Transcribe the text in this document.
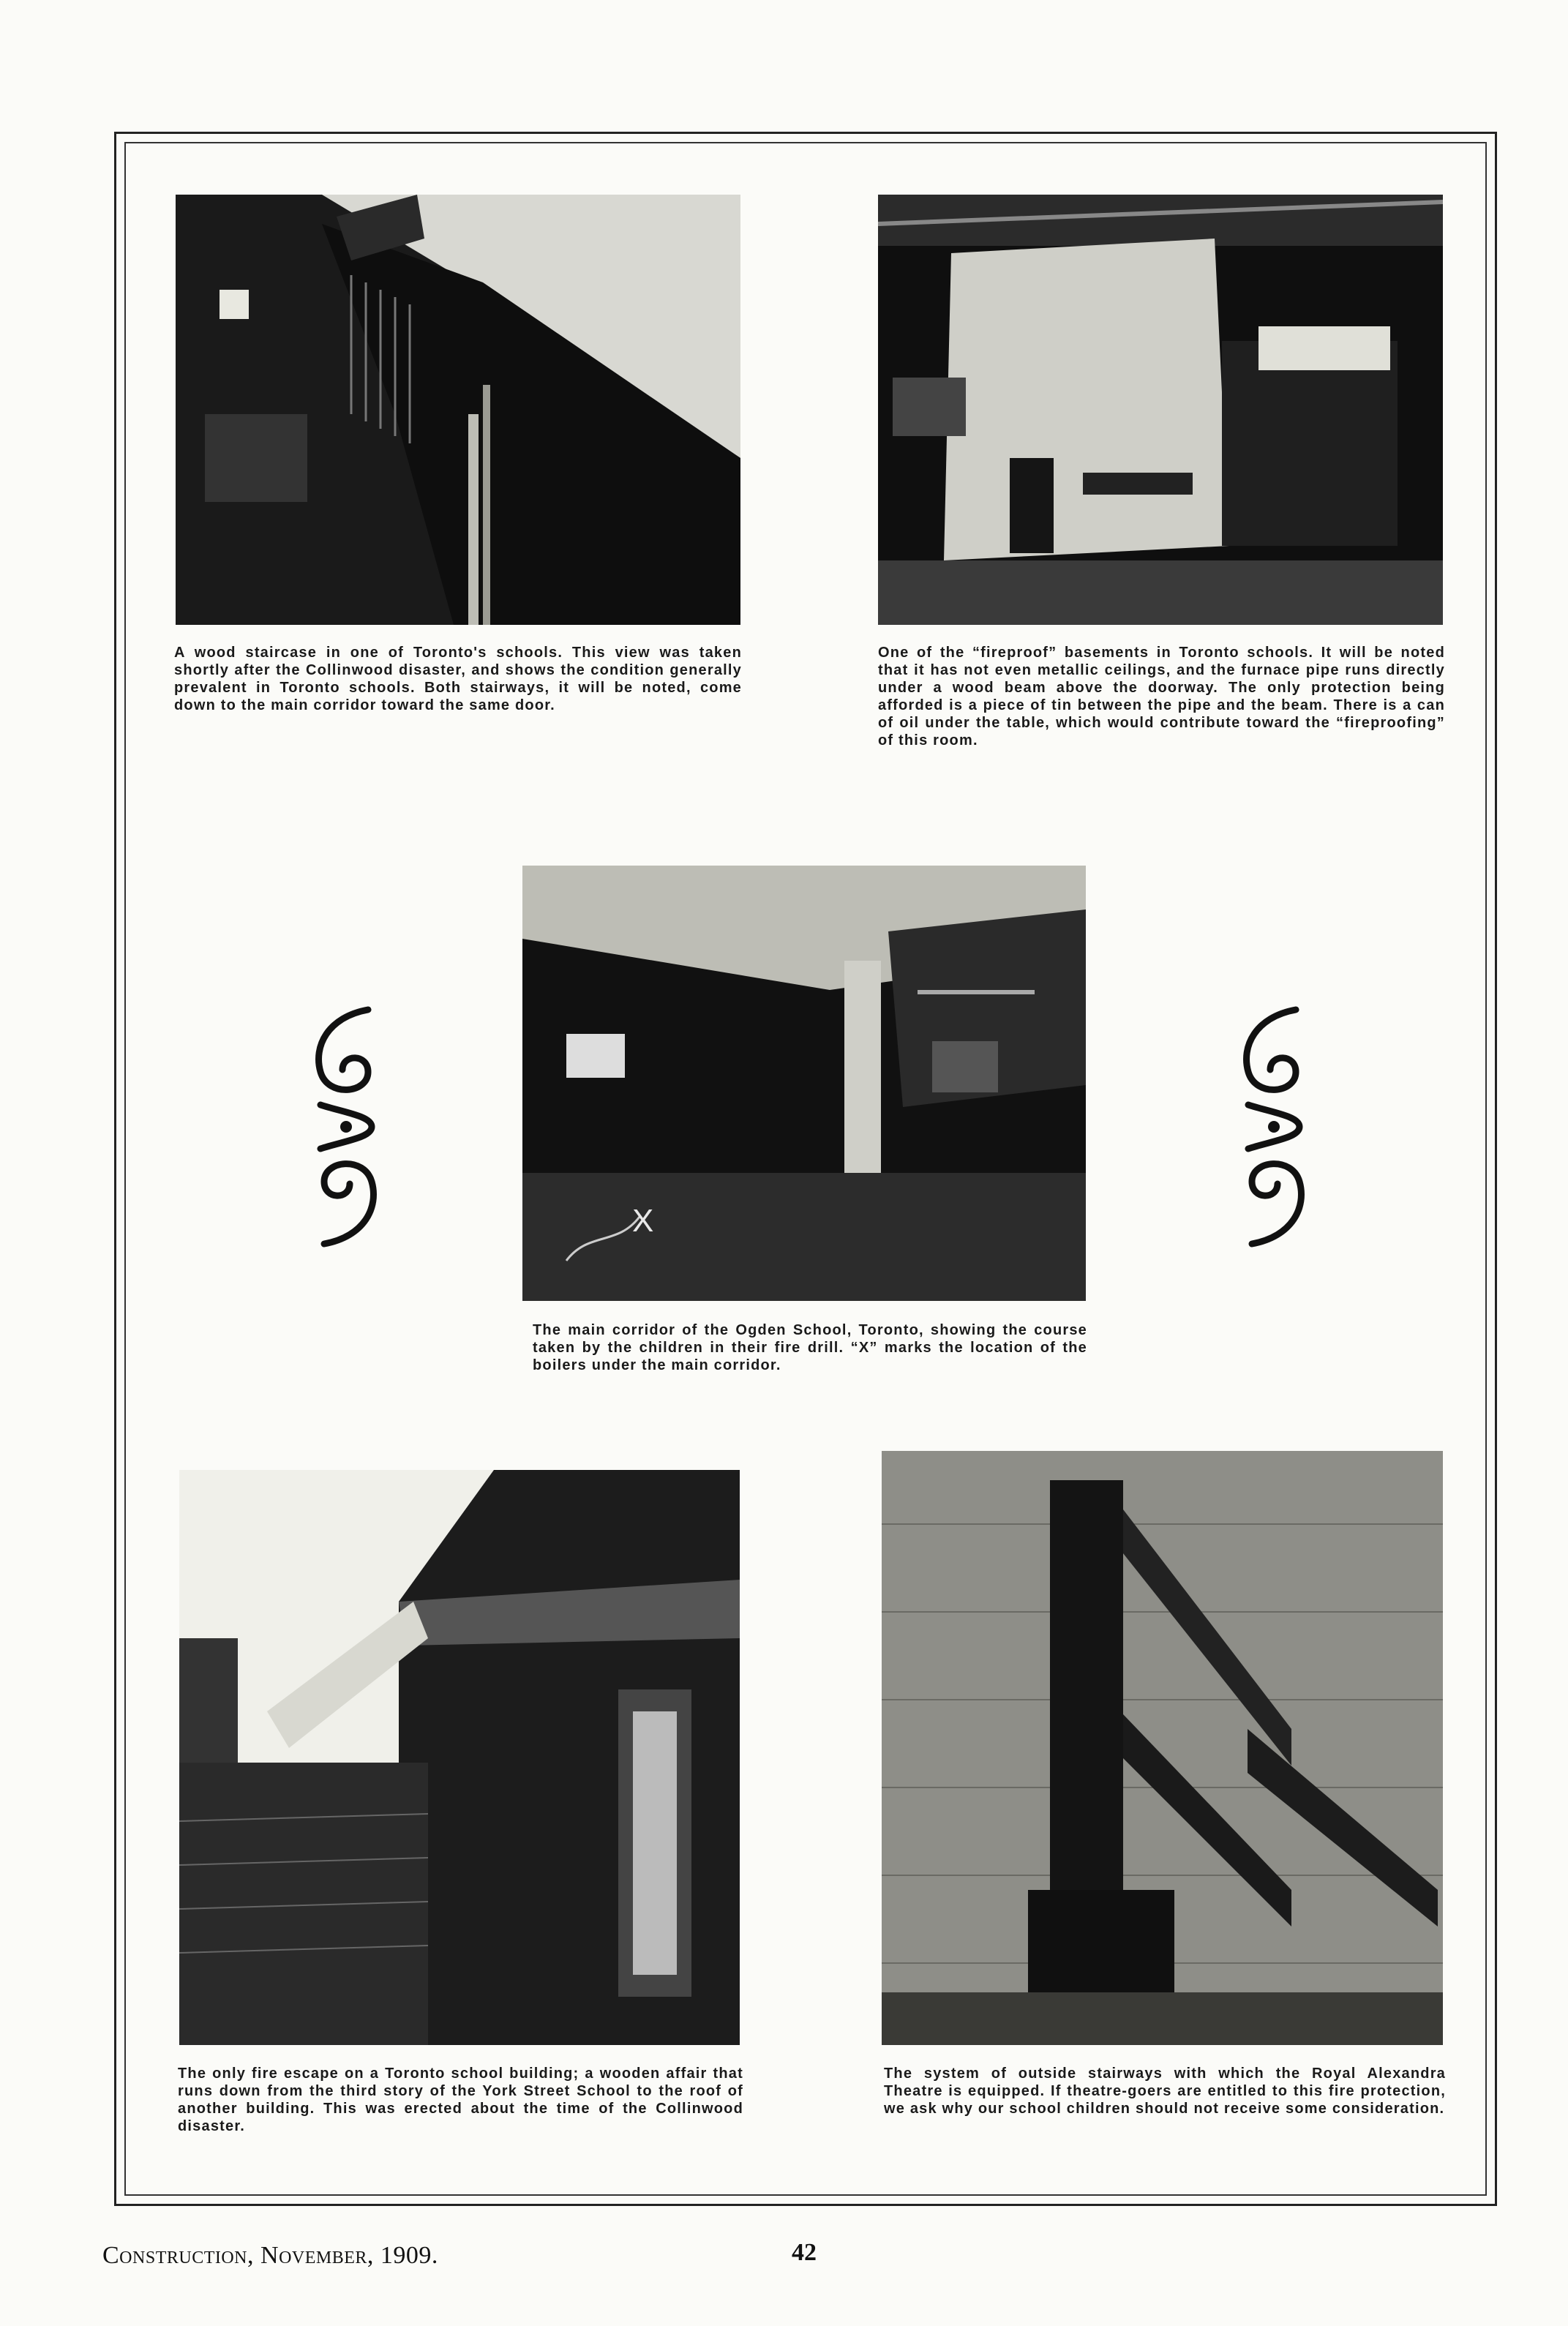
X
A wood staircase in one of Toronto's schools. This view was taken shortly after the Collinwood disaster, and shows the condition generally prevalent in Toronto schools. Both stairways, it will be noted, come down to the main corridor toward the same door.
One of the “fireproof” basements in Toronto schools. It will be noted that it has not even metallic ceilings, and the furnace pipe runs directly under a wood beam above the doorway. The only protection being afforded is a piece of tin between the pipe and the beam. There is a can of oil under the table, which would contribute toward the “fireproofing” of this room.
The main corridor of the Ogden School, Toronto, showing the course taken by the children in their fire drill. “X” marks the location of the boilers under the main corridor.
The only fire escape on a Toronto school building; a wooden affair that runs down from the third story of the York Street School to the roof of another building. This was erected about the time of the Collinwood disaster.
The system of outside stairways with which the Royal Alexandra Theatre is equipped. If theatre-goers are entitled to this fire protection, we ask why our school children should not receive some consideration.
Construction, November, 1909.	42
